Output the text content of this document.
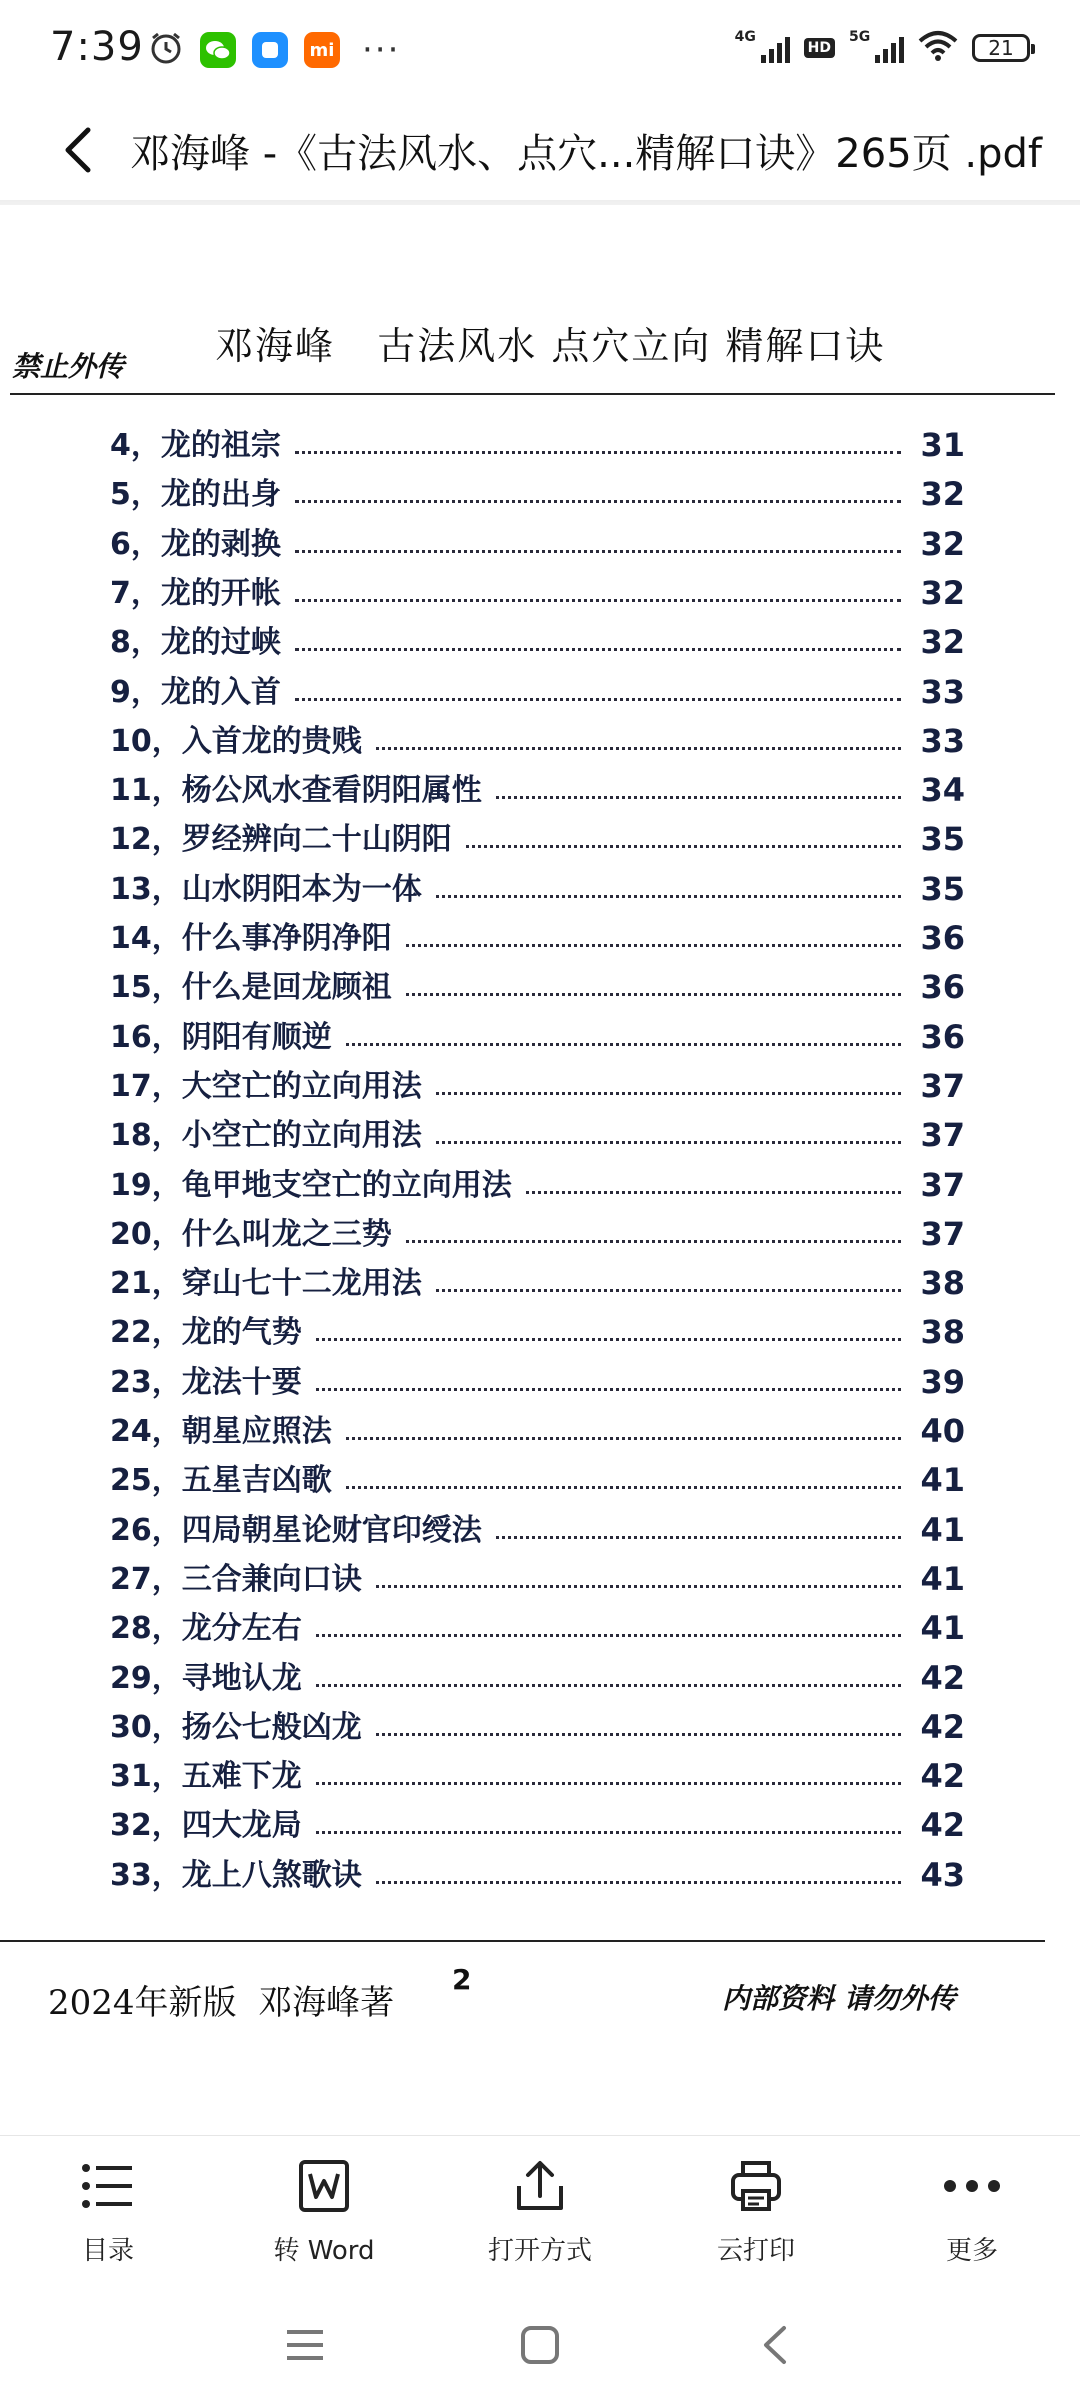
7:39	mi ···	4G
HD
5G	21
邓海峰 -《古法风水、点穴...精解口诀》265页 .pdf
禁止外传 邓海峰   古法风水 点穴立向 精解口诀
4，龙的祖宗	31
5，龙的出身	32
6，龙的剥换	32
7，龙的开帐	32
8，龙的过峡	32
9，龙的入首	33
10，入首龙的贵贱	33
11，杨公风水查看阴阳属性	34
12，罗经辨向二十山阴阳	35
13，山水阴阳本为一体	35
14，什么事净阴净阳	36
15，什么是回龙顾祖	36
16，阴阳有顺逆	36
17，大空亡的立向用法	37
18，小空亡的立向用法	37
19，龟甲地支空亡的立向用法	37
20，什么叫龙之三势	37
21，穿山七十二龙用法	38
22，龙的气势	38
23，龙法十要	39
24，朝星应照法	40
25，五星吉凶歌	41
26，四局朝星论财官印绶法	41
27，三合兼向口诀	41
28，龙分左右	41
29，寻地认龙	42
30，扬公七般凶龙	42
31，五难下龙	42
32，四大龙局	42
33，龙上八煞歌诀	43
2024年新版  邓海峰著
2
内部资料 请勿外传
目录	转 Word	打开方式	云打印	更多
